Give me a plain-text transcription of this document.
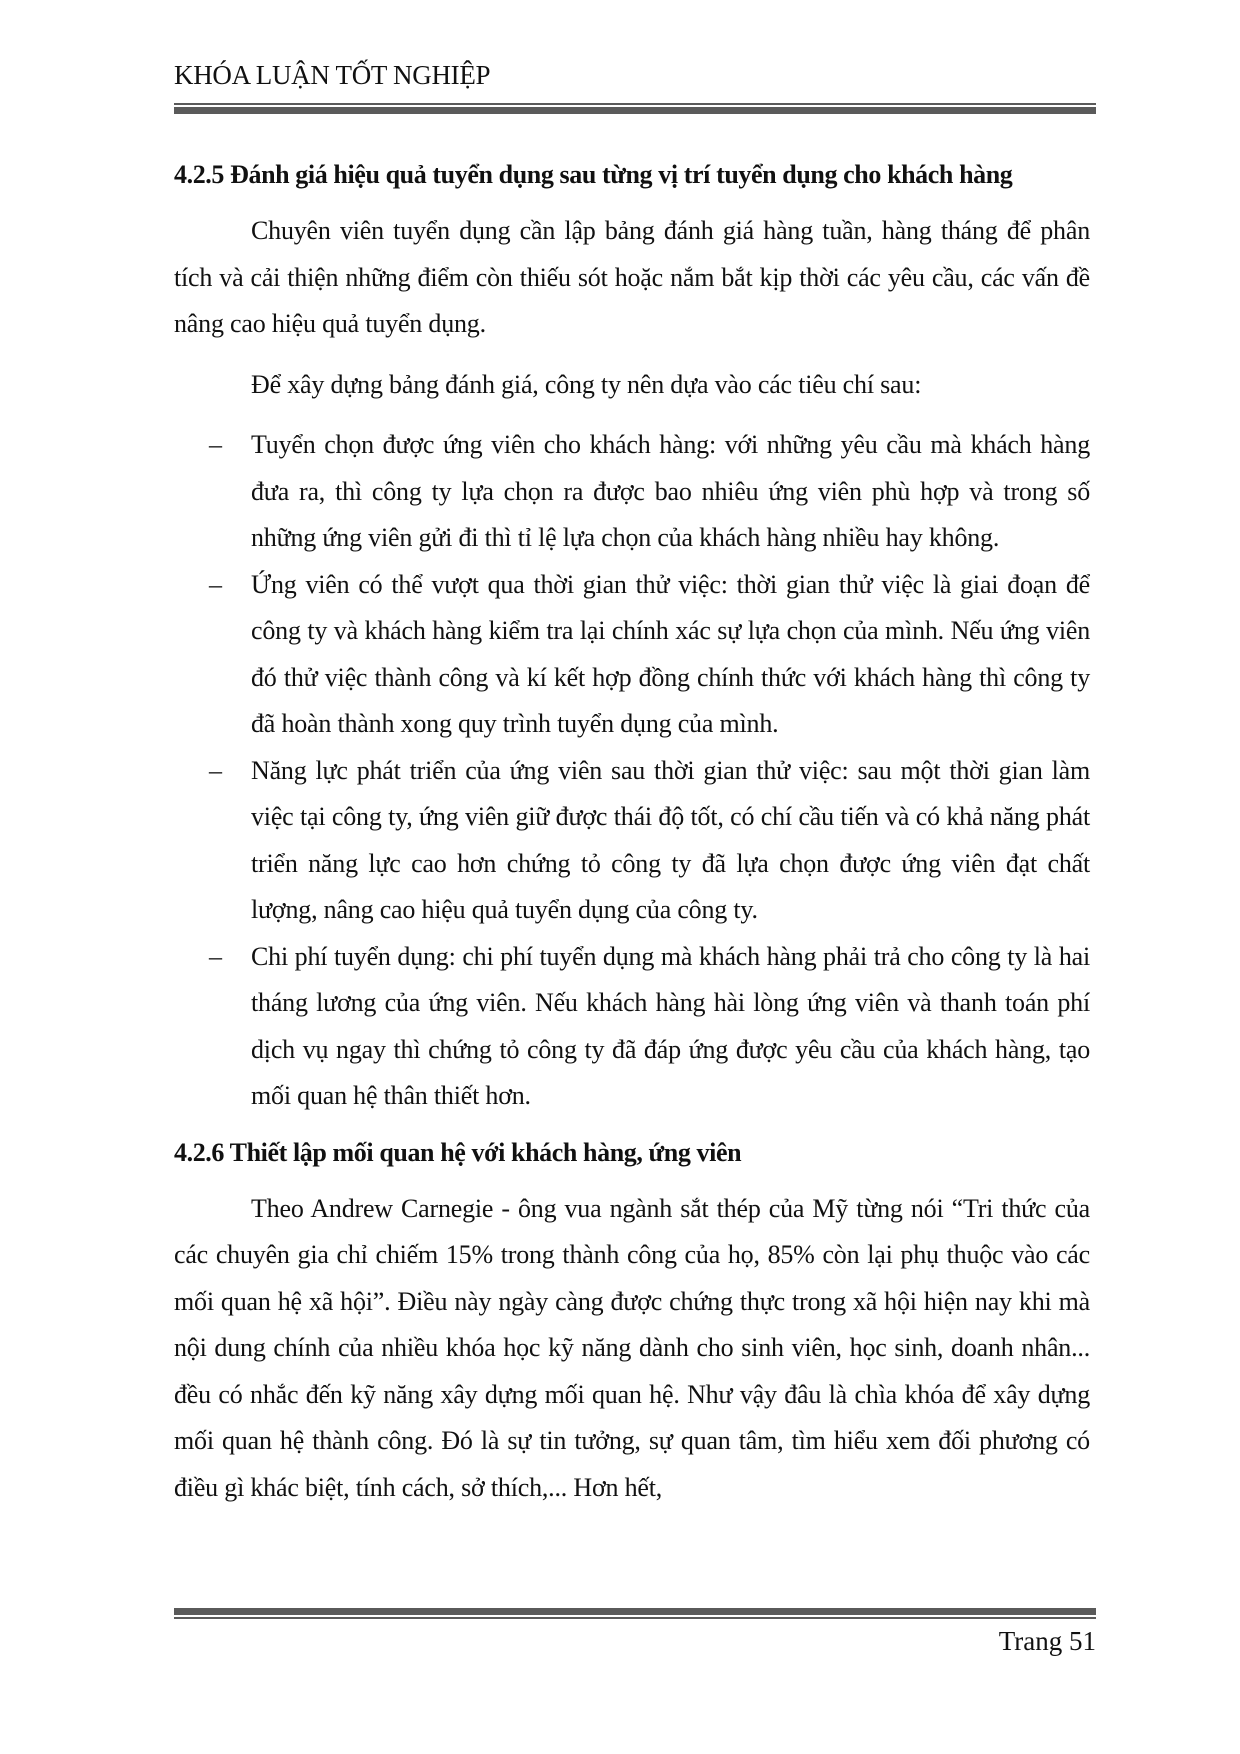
KHÓA LUẬN TỐT NGHIỆP
4.2.5 Đánh giá hiệu quả tuyển dụng sau từng vị trí tuyển dụng cho khách hàng

Chuyên viên tuyển dụng cần lập bảng đánh giá hàng tuần, hàng tháng để phân tích và cải thiện những điểm còn thiếu sót hoặc nắm bắt kịp thời các yêu cầu, các vấn đề nâng cao hiệu quả tuyển dụng.

Để xây dựng bảng đánh giá, công ty nên dựa vào các tiêu chí sau:

– Tuyển chọn được ứng viên cho khách hàng: với những yêu cầu mà khách hàng đưa ra, thì công ty lựa chọn ra được bao nhiêu ứng viên phù hợp và trong số những ứng viên gửi đi thì tỉ lệ lựa chọn của khách hàng nhiều hay không.

– Ứng viên có thể vượt qua thời gian thử việc: thời gian thử việc là giai đoạn để công ty và khách hàng kiểm tra lại chính xác sự lựa chọn của mình. Nếu ứng viên đó thử việc thành công và kí kết hợp đồng chính thức với khách hàng thì công ty đã hoàn thành xong quy trình tuyển dụng của mình.

– Năng lực phát triển của ứng viên sau thời gian thử việc: sau một thời gian làm việc tại công ty, ứng viên giữ được thái độ tốt, có chí cầu tiến và có khả năng phát triển năng lực cao hơn chứng tỏ công ty đã lựa chọn được ứng viên đạt chất lượng, nâng cao hiệu quả tuyển dụng của công ty.

– Chi phí tuyển dụng: chi phí tuyển dụng mà khách hàng phải trả cho công ty là hai tháng lương của ứng viên. Nếu khách hàng hài lòng ứng viên và thanh toán phí dịch vụ ngay thì chứng tỏ công ty đã đáp ứng được yêu cầu của khách hàng, tạo mối quan hệ thân thiết hơn.

4.2.6 Thiết lập mối quan hệ với khách hàng, ứng viên

Theo Andrew Carnegie - ông vua ngành sắt thép của Mỹ từng nói “Tri thức của các chuyên gia chỉ chiếm 15% trong thành công của họ, 85% còn lại phụ thuộc vào các mối quan hệ xã hội”. Điều này ngày càng được chứng thực trong xã hội hiện nay khi mà nội dung chính của nhiều khóa học kỹ năng dành cho sinh viên, học sinh, doanh nhân... đều có nhắc đến kỹ năng xây dựng mối quan hệ. Như vậy đâu là chìa khóa để xây dựng mối quan hệ thành công. Đó là sự tin tưởng, sự quan tâm, tìm hiểu xem đối phương có điều gì khác biệt, tính cách, sở thích,... Hơn hết,

Trang 51
